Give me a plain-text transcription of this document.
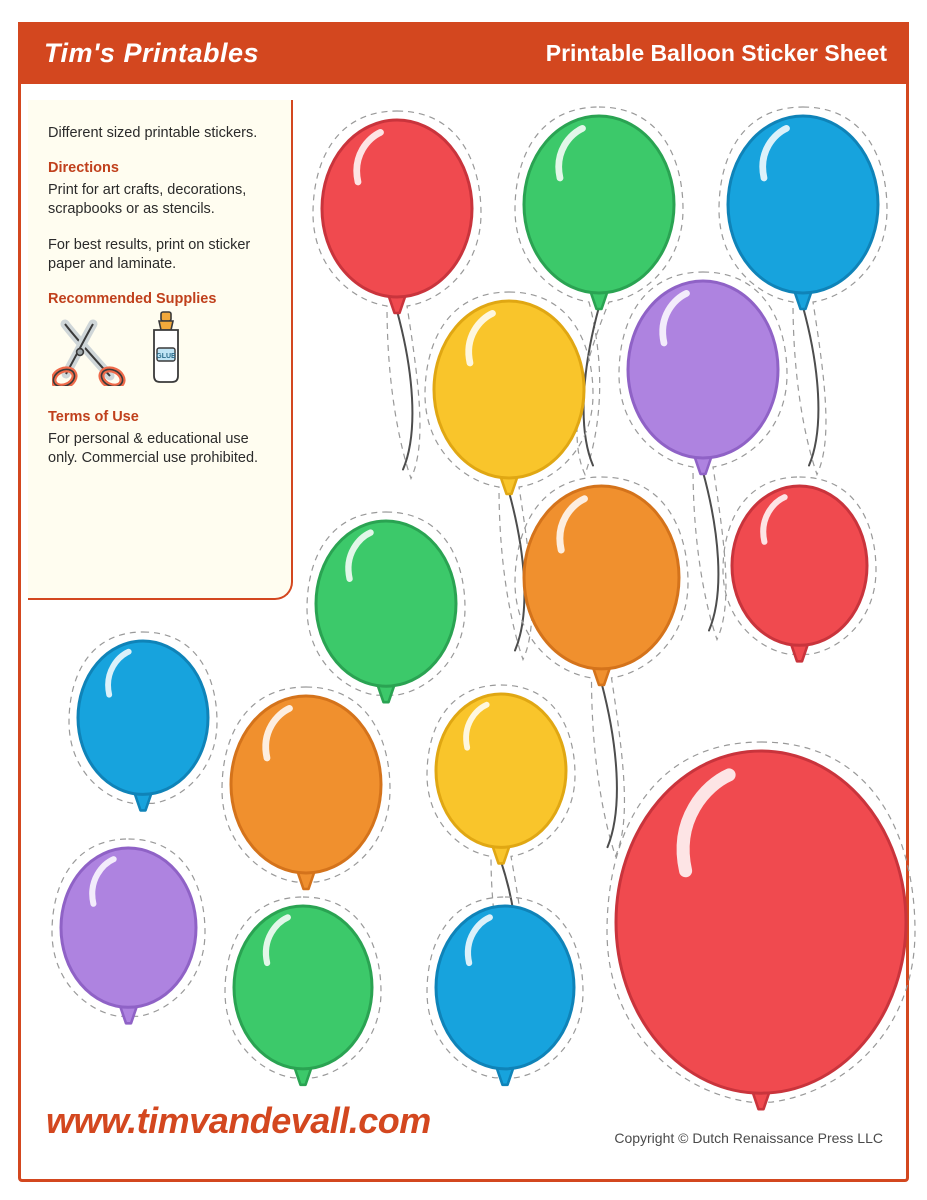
Tim's Printables	Printable Balloon Sticker Sheet

Different sized printable stickers.

Directions

Print for art crafts, decorations, scrapbooks or as stencils.

For best results, print on sticker paper and laminate.

Recommended Supplies
GLUE
Terms of Use

For personal & educational use only. Commercial use prohibited.

www.timvandevall.com	Copyright © Dutch Renaissance Press LLC
